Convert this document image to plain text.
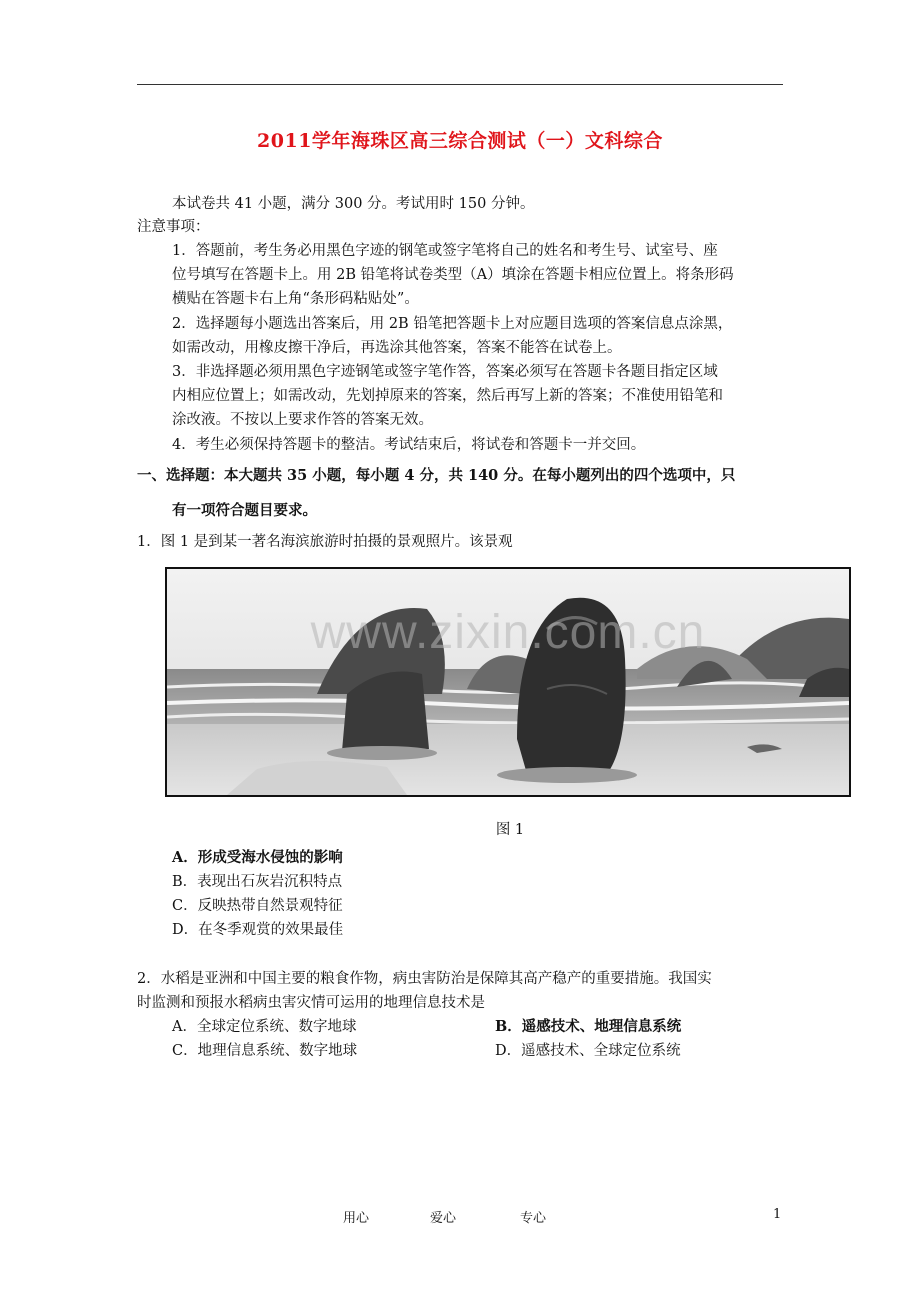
2011学年海珠区高三综合测试（一）文科综合
本试卷共 41 小题，满分 300 分。考试用时 150 分钟。
注意事项：
1．答题前，考生务必用黑色字迹的钢笔或签字笔将自己的姓名和考生号、试室号、座
位号填写在答题卡上。用 2B 铅笔将试卷类型（A）填涂在答题卡相应位置上。将条形码
横贴在答题卡右上角“条形码粘贴处”。
2．选择题每小题选出答案后，用 2B 铅笔把答题卡上对应题目选项的答案信息点涂黑，
如需改动，用橡皮擦干净后，再选涂其他答案，答案不能答在试卷上。
3．非选择题必须用黑色字迹钢笔或签字笔作答，答案必须写在答题卡各题目指定区域
内相应位置上；如需改动，先划掉原来的答案，然后再写上新的答案；不准使用铅笔和
涂改液。不按以上要求作答的答案无效。
4．考生必须保持答题卡的整洁。考试结束后，将试卷和答题卡一并交回。
一、选择题：本大题共 35 小题，每小题 4 分，共 140 分。在每小题列出的四个选项中，只
有一项符合题目要求。
1．图 1 是到某一著名海滨旅游时拍摄的景观照片。该景观
www.zixin.com.cn
图 1
A．形成受海水侵蚀的影响
B．表现出石灰岩沉积特点
C．反映热带自然景观特征
D．在冬季观赏的效果最佳
2．水稻是亚洲和中国主要的粮食作物，病虫害防治是保障其高产稳产的重要措施。我国实
时监测和预报水稻病虫害灾情可运用的地理信息技术是
A．全球定位系统、数字地球	B．遥感技术、地理信息系统
C．地理信息系统、数字地球	D．遥感技术、全球定位系统
用心	爱心	专心	1
